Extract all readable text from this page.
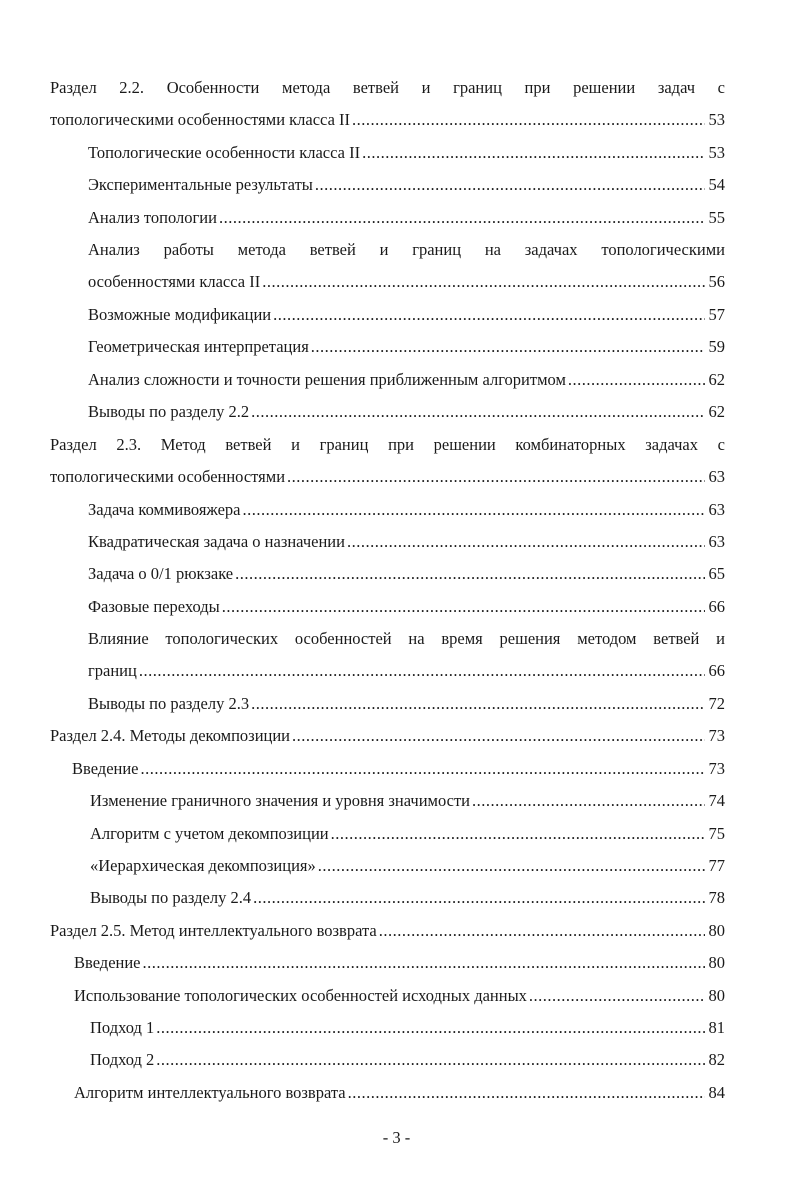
Раздел 2.2. Особенности метода ветвей и границ при решении задач с
топологическими особенностями класса II .....	53
Топологические особенности класса II .....	53
Экспериментальные результаты .....	54
Анализ топологии .....	55
Анализ работы метода ветвей и границ на задачах топологическими
особенностями класса II .....	56
Возможные модификации .....	57
Геометрическая интерпретация .....	59
Анализ сложности и точности решения приближенным алгоритмом .....	62
Выводы по разделу 2.2 .....	62
Раздел 2.3. Метод ветвей и границ при решении комбинаторных задачах с
топологическими особенностями .....	63
Задача коммивояжера .....	63
Квадратическая задача о назначении .....	63
Задача о 0/1 рюкзаке .....	65
Фазовые переходы .....	66
Влияние топологических особенностей на время решения методом ветвей и
границ .....	66
Выводы по разделу 2.3 .....	72
Раздел 2.4. Методы декомпозиции .....	73
Введение .....	73
Изменение граничного значения и уровня значимости .....	74
Алгоритм с учетом декомпозиции .....	75
«Иерархическая декомпозиция» .....	77
Выводы по разделу 2.4 .....	78
Раздел 2.5. Метод интеллектуального возврата .....	80
Введение .....	80
Использование топологических особенностей исходных данных .....	80
Подход 1 .....	81
Подход 2 .....	82
Алгоритм интеллектуального возврата .....	84
- 3 -
